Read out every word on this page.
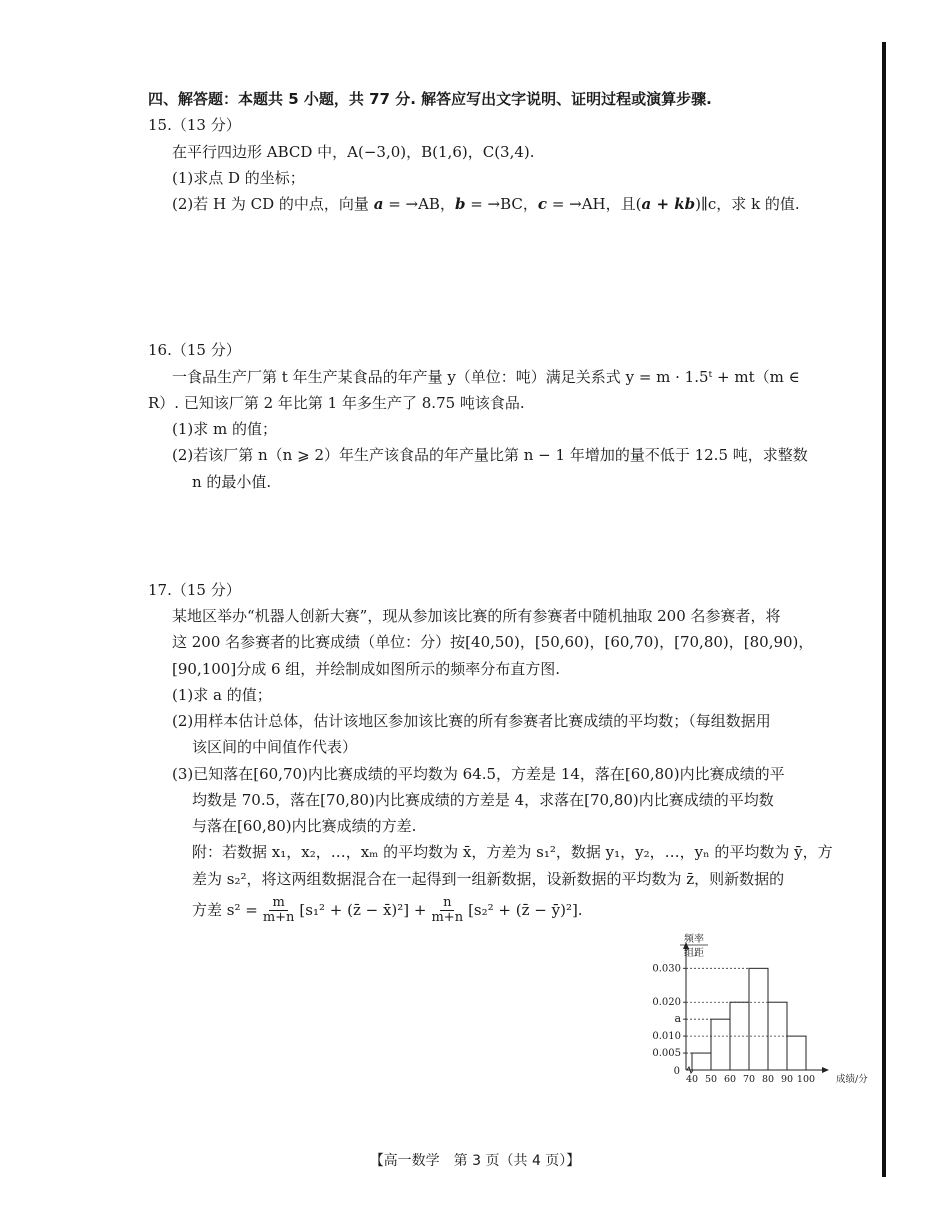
四、解答题：本题共 5 小题，共 77 分. 解答应写出文字说明、证明过程或演算步骤.

15.（13 分）

在平行四边形 ABCD 中，A(−3,0)，B(1,6)，C(3,4).

(1)求点 D 的坐标；

(2)若 H 为 CD 的中点，向量 a = →AB，b = →BC，c = →AH，且(a + kb)∥c，求 k 的值.

16.（15 分）

一食品生产厂第 t 年生产某食品的年产量 y（单位：吨）满足关系式 y = m · 1.5ᵗ + mt（m ∈

R）. 已知该厂第 2 年比第 1 年多生产了 8.75 吨该食品.

(1)求 m 的值；

(2)若该厂第 n（n ⩾ 2）年生产该食品的年产量比第 n − 1 年增加的量不低于 12.5 吨，求整数

n 的最小值.

17.（15 分）

某地区举办“机器人创新大赛”，现从参加该比赛的所有参赛者中随机抽取 200 名参赛者，将

这 200 名参赛者的比赛成绩（单位：分）按[40,50)，[50,60)，[60,70)，[70,80)，[80,90)，

[90,100]分成 6 组，并绘制成如图所示的频率分布直方图.

(1)求 a 的值；

(2)用样本估计总体，估计该地区参加该比赛的所有参赛者比赛成绩的平均数；（每组数据用

该区间的中间值作代表）

(3)已知落在[60,70)内比赛成绩的平均数为 64.5，方差是 14，落在[60,80)内比赛成绩的平

均数是 70.5，落在[70,80)内比赛成绩的方差是 4，求落在[70,80)内比赛成绩的平均数

与落在[60,80)内比赛成绩的方差.

附：若数据 x₁，x₂，…，xₘ 的平均数为 x̄，方差为 s₁²，数据 y₁，y₂，…，yₙ 的平均数为 ȳ，方

差为 s₂²，将这两组数据混合在一起得到一组新数据，设新数据的平均数为 z̄，则新数据的

方差 $s^2 = \frac{m}{m+n} [s_1^2$ + (z̄ − x̄)²] + $\frac{n}{m+n} [s_2^2$ + (z̄ − ȳ)²].
0.030
0.020
a
0.010
0.005
0
40 50 60 70 80 90 100 成绩/分
频率
组距
【高一数学　第 3 页（共 4 页）】
